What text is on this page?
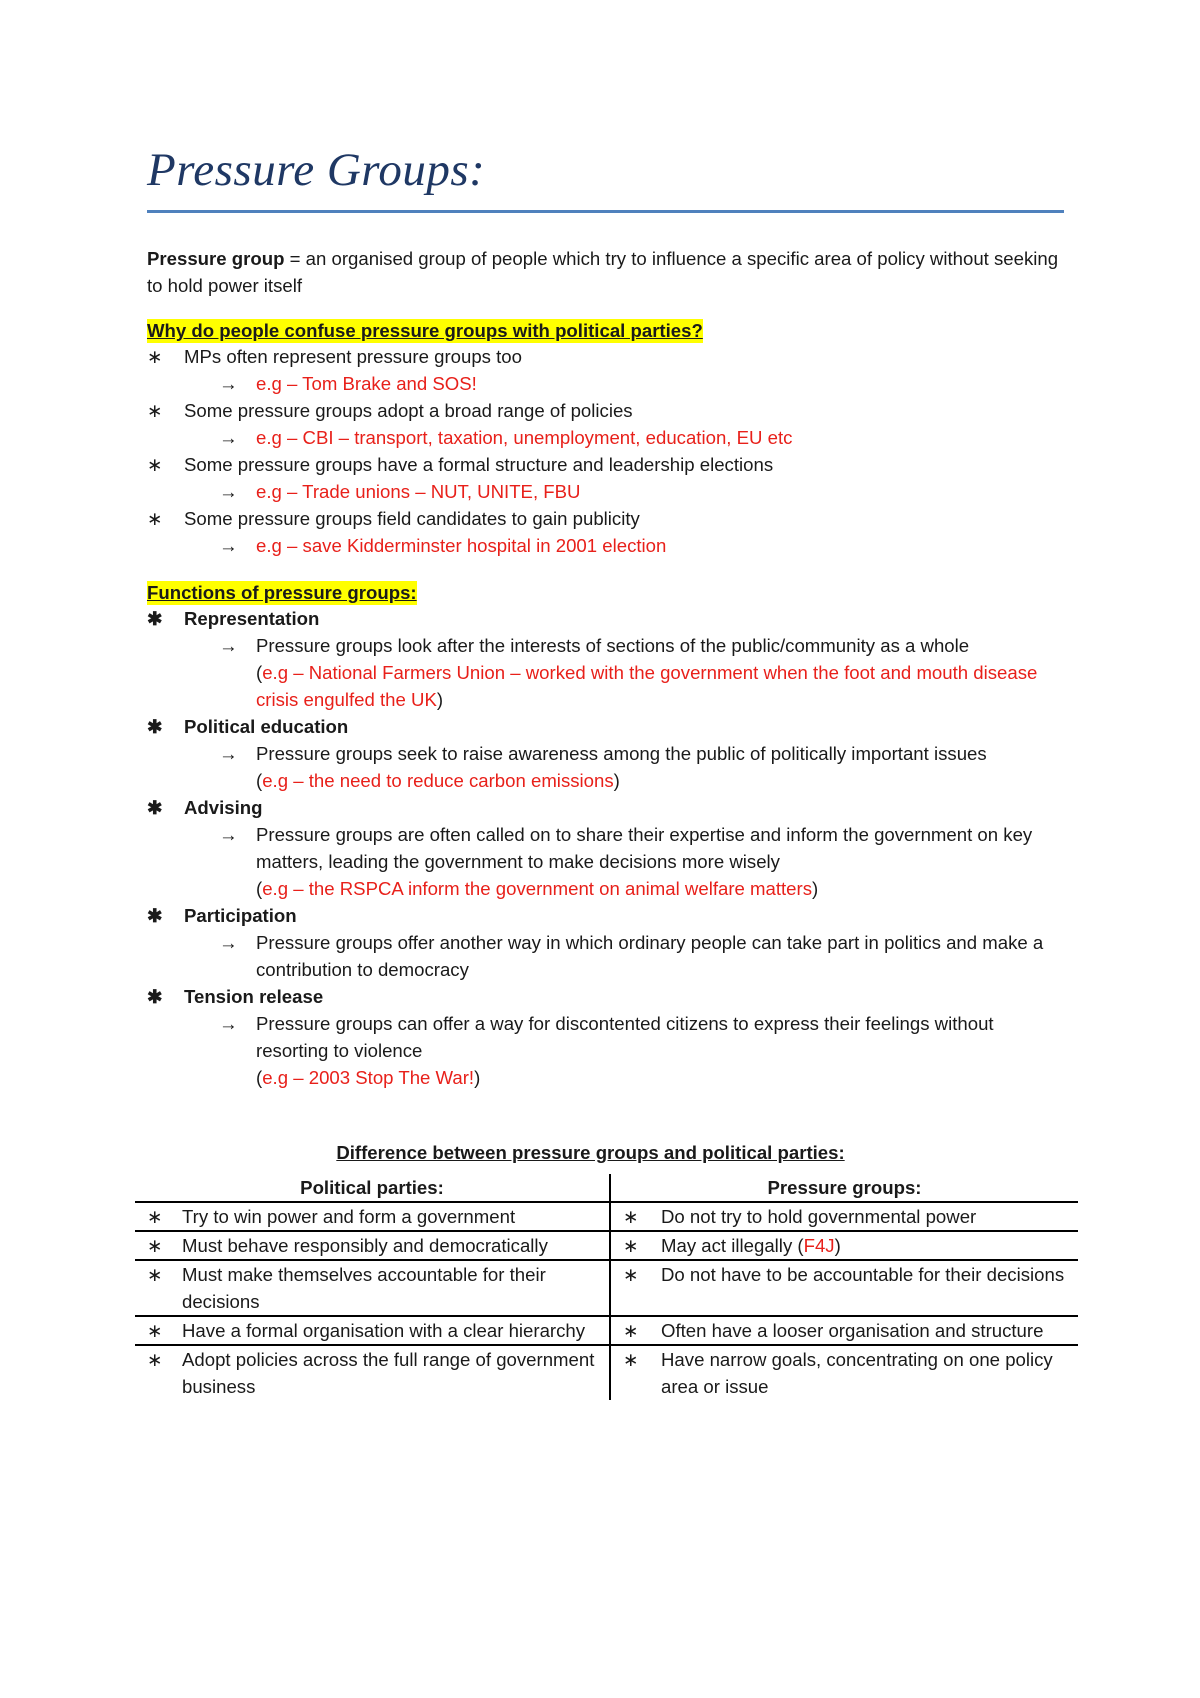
Pressure Groups:
Pressure group = an organised group of people which try to influence a specific area of policy without seeking to hold power itself
Why do people confuse pressure groups with political parties?
∗ MPs often represent pressure groups too
→ e.g – Tom Brake and SOS!
∗ Some pressure groups adopt a broad range of policies
→ e.g – CBI – transport, taxation, unemployment, education, EU etc
∗ Some pressure groups have a formal structure and leadership elections
→ e.g – Trade unions – NUT, UNITE, FBU
∗ Some pressure groups field candidates to gain publicity
→ e.g – save Kidderminster hospital in 2001 election
Functions of pressure groups:
✱ Representation
→ Pressure groups look after the interests of sections of the public/community as a whole
(e.g – National Farmers Union – worked with the government when the foot and mouth disease crisis engulfed the UK)
✱ Political education
→ Pressure groups seek to raise awareness among the public of politically important issues
(e.g – the need to reduce carbon emissions)
✱ Advising
→ Pressure groups are often called on to share their expertise and inform the government on key matters, leading the government to make decisions more wisely
(e.g – the RSPCA inform the government on animal welfare matters)
✱ Participation
→ Pressure groups offer another way in which ordinary people can take part in politics and make a contribution to democracy
✱ Tension release
→ Pressure groups can offer a way for discontented citizens to express their feelings without resorting to violence
(e.g – 2003 Stop The War!)
Difference between pressure groups and political parties:
Political parties:	Pressure groups:

∗ Try to win power and form a government	∗ Do not try to hold governmental power

∗ Must behave responsibly and democratically	∗ May act illegally (F4J)

∗ Must make themselves accountable for their decisions	∗ Do not have to be accountable for their decisions

∗ Have a formal organisation with a clear hierarchy	∗ Often have a looser organisation and structure

∗ Adopt policies across the full range of government business	∗ Have narrow goals, concentrating on one policy area or issue
